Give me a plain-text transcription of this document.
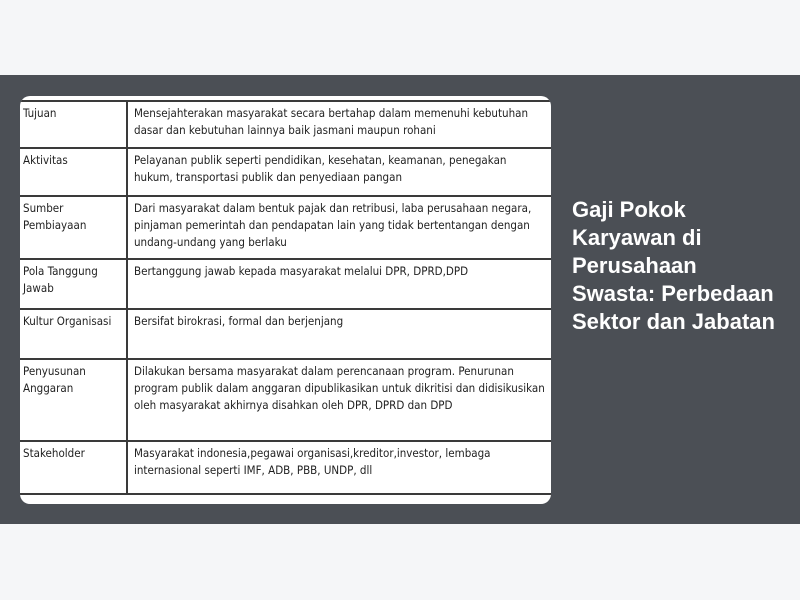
Tujuan	Mensejahterakan masyarakat secara bertahap dalam memenuhi kebutuhan dasar dan kebutuhan lainnya baik jasmani maupun rohani
Aktivitas	Pelayanan publik seperti pendidikan, kesehatan, keamanan, penegakan hukum, transportasi publik dan penyediaan pangan
Sumber Pembiayaan	Dari masyarakat dalam bentuk pajak dan retribusi, laba perusahaan negara, pinjaman pemerintah dan pendapatan lain yang tidak bertentangan dengan undang-undang yang berlaku
Pola Tanggung Jawab	Bertanggung jawab kepada masyarakat melalui DPR, DPRD,DPD
Kultur Organisasi	Bersifat birokrasi, formal dan berjenjang
Penyusunan Anggaran	Dilakukan bersama masyarakat dalam perencanaan program. Penurunan program publik dalam anggaran dipublikasikan untuk dikritisi dan didisikusikan oleh masyarakat akhirnya disahkan oleh DPR, DPRD dan DPD
Stakeholder	Masyarakat indonesia,pegawai organisasi,kreditor,investor, lembaga internasional seperti IMF, ADB, PBB, UNDP, dll
Gaji Pokok Karyawan di Perusahaan Swasta: Perbedaan Sektor dan Jabatan
